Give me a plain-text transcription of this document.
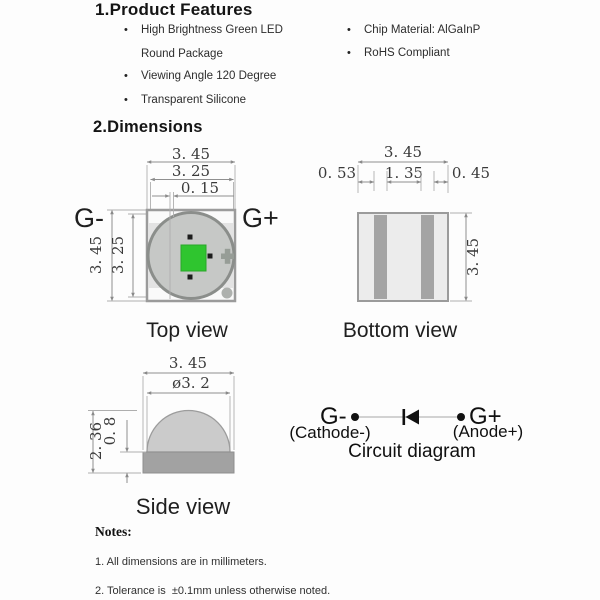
1.Product Features
• High Brightness Green LED
Round Package
• Viewing Angle 120 Degree
• Transparent Silicone
• Chip Material: AlGaInP
• RoHS Compliant
2.Dimensions
3. 45
3. 25
0. 15
3. 45 3. 25
G-	G+
Top view
3. 45
0. 53 1. 35 0. 45
3. 45
Bottom view
3. 45
ø3. 2
2. 36
0. 8
Side view
G-	G+
(Cathode-)	(Anode+)
Circuit diagram
Notes:
1. All dimensions are in millimeters.
2. Tolerance is  ±0.1mm unless otherwise noted.
